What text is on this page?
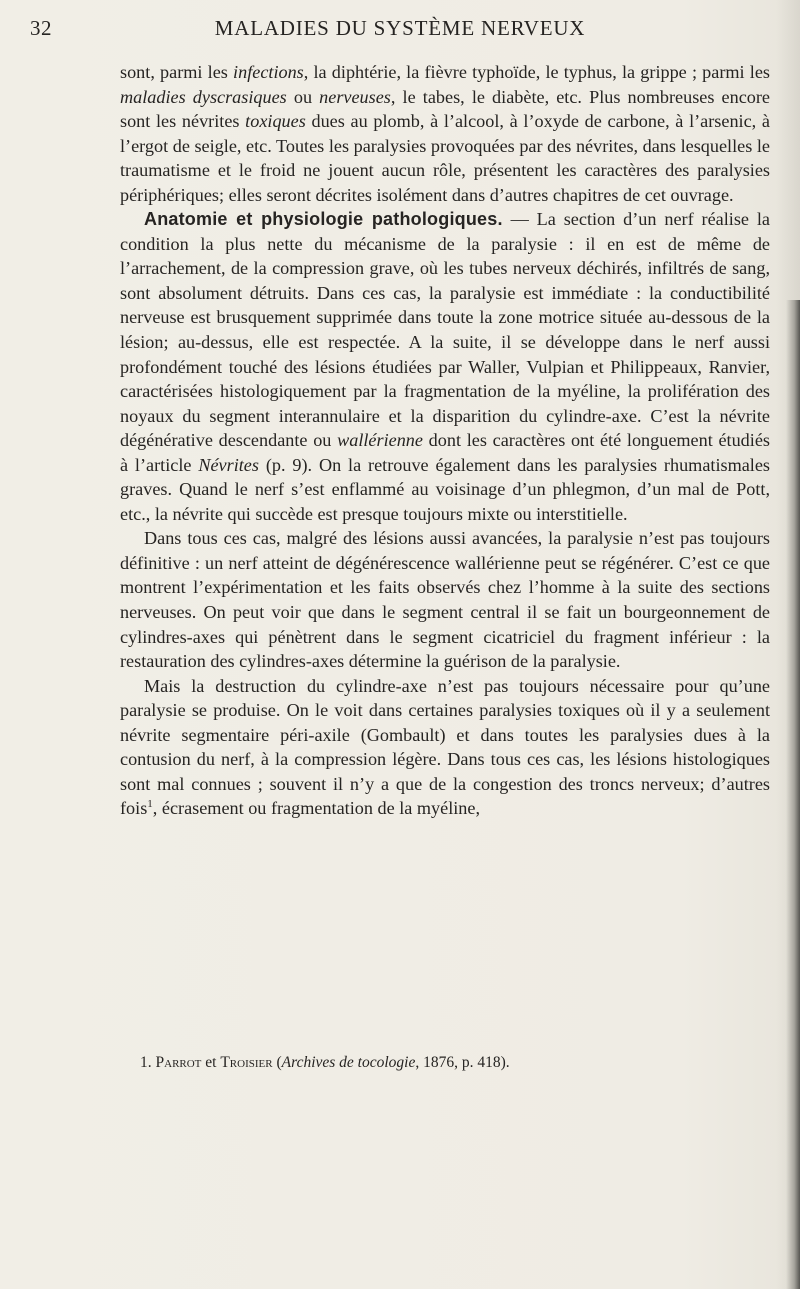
32	MALADIES DU SYSTÈME NERVEUX

sont, parmi les infections, la diphtérie, la fièvre typhoïde, le typhus, la grippe ; parmi les maladies dyscrasiques ou nerveuses, le tabes, le diabète, etc. Plus nombreuses encore sont les névrites toxiques dues au plomb, à l’alcool, à l’oxyde de carbone, à l’arsenic, à l’ergot de seigle, etc. Toutes les paralysies provoquées par des névrites, dans lesquelles le traumatisme et le froid ne jouent aucun rôle, présentent les caractères des paralysies périphériques; elles seront décrites isolément dans d’autres chapitres de cet ouvrage.

Anatomie et physiologie pathologiques. — La section d’un nerf réalise la condition la plus nette du mécanisme de la paralysie : il en est de même de l’arrachement, de la compression grave, où les tubes nerveux déchirés, infiltrés de sang, sont absolument détruits. Dans ces cas, la paralysie est immédiate : la conductibilité nerveuse est brusquement supprimée dans toute la zone motrice située au-dessous de la lésion; au-dessus, elle est respectée. A la suite, il se développe dans le nerf aussi profondément touché des lésions étudiées par Waller, Vulpian et Philippeaux, Ranvier, caractérisées histologiquement par la fragmentation de la myéline, la prolifération des noyaux du segment interannulaire et la disparition du cylindre-axe. C’est la névrite dégénérative descendante ou wallérienne dont les caractères ont été longuement étudiés à l’article Névrites (p. 9). On la retrouve également dans les paralysies rhumatismales graves. Quand le nerf s’est enflammé au voisinage d’un phlegmon, d’un mal de Pott, etc., la névrite qui succède est presque toujours mixte ou interstitielle.

Dans tous ces cas, malgré des lésions aussi avancées, la paralysie n’est pas toujours définitive : un nerf atteint de dégénérescence wallérienne peut se régénérer. C’est ce que montrent l’expérimentation et les faits observés chez l’homme à la suite des sections nerveuses. On peut voir que dans le segment central il se fait un bourgeonnement de cylindres-axes qui pénètrent dans le segment cicatriciel du fragment inférieur : la restauration des cylindres-axes détermine la guérison de la paralysie.

Mais la destruction du cylindre-axe n’est pas toujours nécessaire pour qu’une paralysie se produise. On le voit dans certaines paralysies toxiques où il y a seulement névrite segmentaire péri-axile (Gombault) et dans toutes les paralysies dues à la contusion du nerf, à la compression légère. Dans tous ces cas, les lésions histologiques sont mal connues ; souvent il n’y a que de la congestion des troncs nerveux; d’autres fois$^1$, écrasement ou fragmentation de la myéline,

1. Parrot et Troisier (Archives de tocologie, 1876, p. 418).
